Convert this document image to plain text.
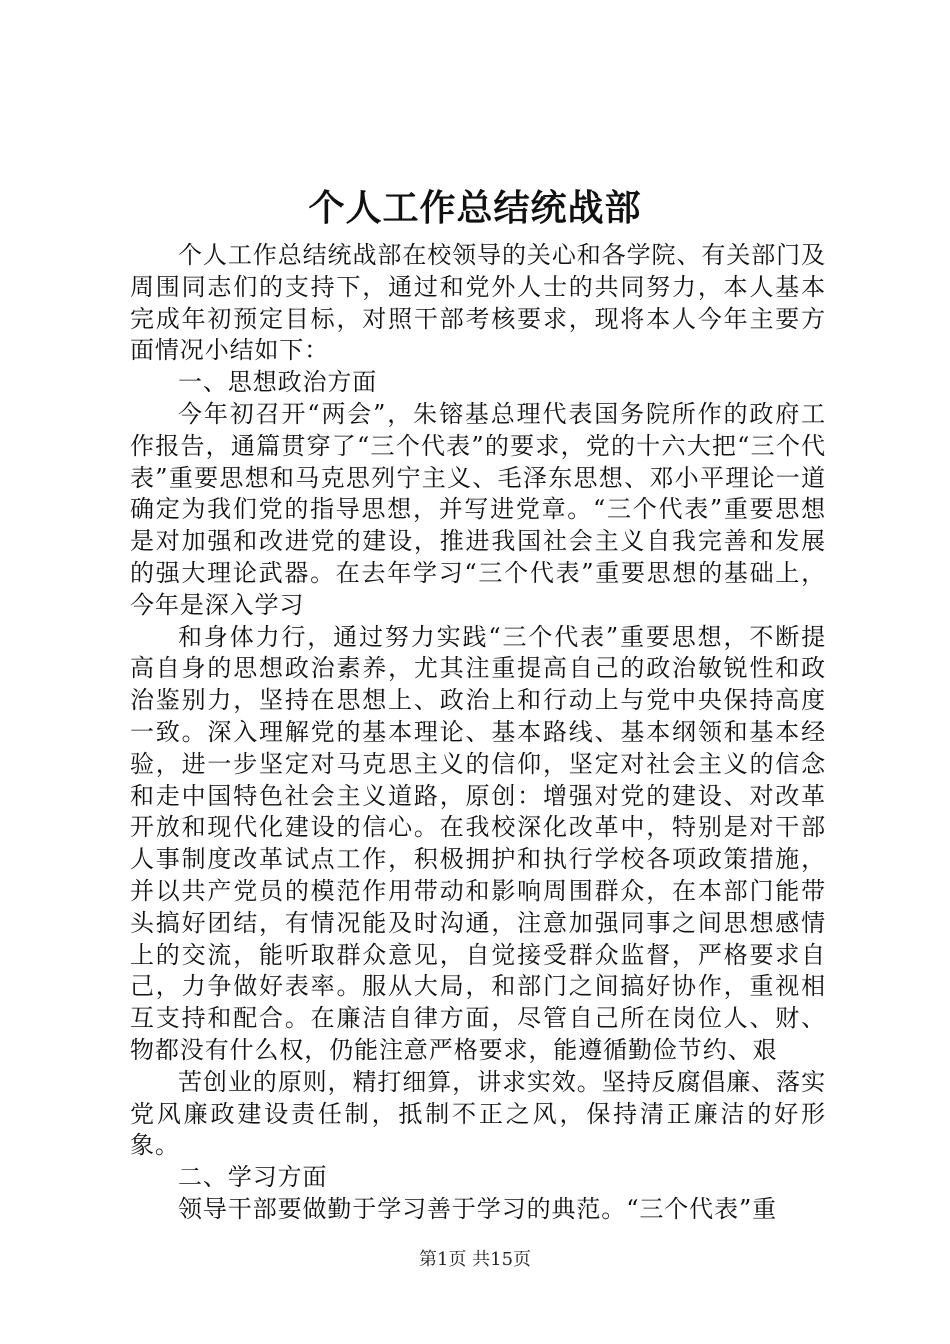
个人工作总结统战部

个人工作总结统战部在校领导的关心和各学院、有关部门及周围同志们的支持下，通过和党外人士的共同努力，本人基本完成年初预定目标，对照干部考核要求，现将本人今年主要方面情况小结如下：

一、思想政治方面

今年初召开“两会”，朱镕基总理代表国务院所作的政府工作报告，通篇贯穿了“三个代表”的要求，党的十六大把“三个代表”重要思想和马克思列宁主义、毛泽东思想、邓小平理论一道确定为我们党的指导思想，并写进党章。“三个代表”重要思想是对加强和改进党的建设，推进我国社会主义自我完善和发展的强大理论武器。在去年学习“三个代表”重要思想的基础上，今年是深入学习

和身体力行，通过努力实践“三个代表”重要思想，不断提高自身的思想政治素养，尤其注重提高自己的政治敏锐性和政治鉴别力，坚持在思想上、政治上和行动上与党中央保持高度一致。深入理解党的基本理论、基本路线、基本纲领和基本经验，进一步坚定对马克思主义的信仰，坚定对社会主义的信念和走中国特色社会主义道路，原创：增强对党的建设、对改革开放和现代化建设的信心。在我校深化改革中，特别是对干部人事制度改革试点工作，积极拥护和执行学校各项政策措施，并以共产党员的模范作用带动和影响周围群众，在本部门能带头搞好团结，有情况能及时沟通，注意加强同事之间思想感情上的交流，能听取群众意见，自觉接受群众监督，严格要求自己，力争做好表率。服从大局，和部门之间搞好协作，重视相互支持和配合。在廉洁自律方面，尽管自己所在岗位人、财、物都没有什么权，仍能注意严格要求，能遵循勤俭节约、艰

苦创业的原则，精打细算，讲求实效。坚持反腐倡廉、落实党风廉政建设责任制，抵制不正之风，保持清正廉洁的好形象。

二、学习方面

领导干部要做勤于学习善于学习的典范。“三个代表”重

第1页 共15页
